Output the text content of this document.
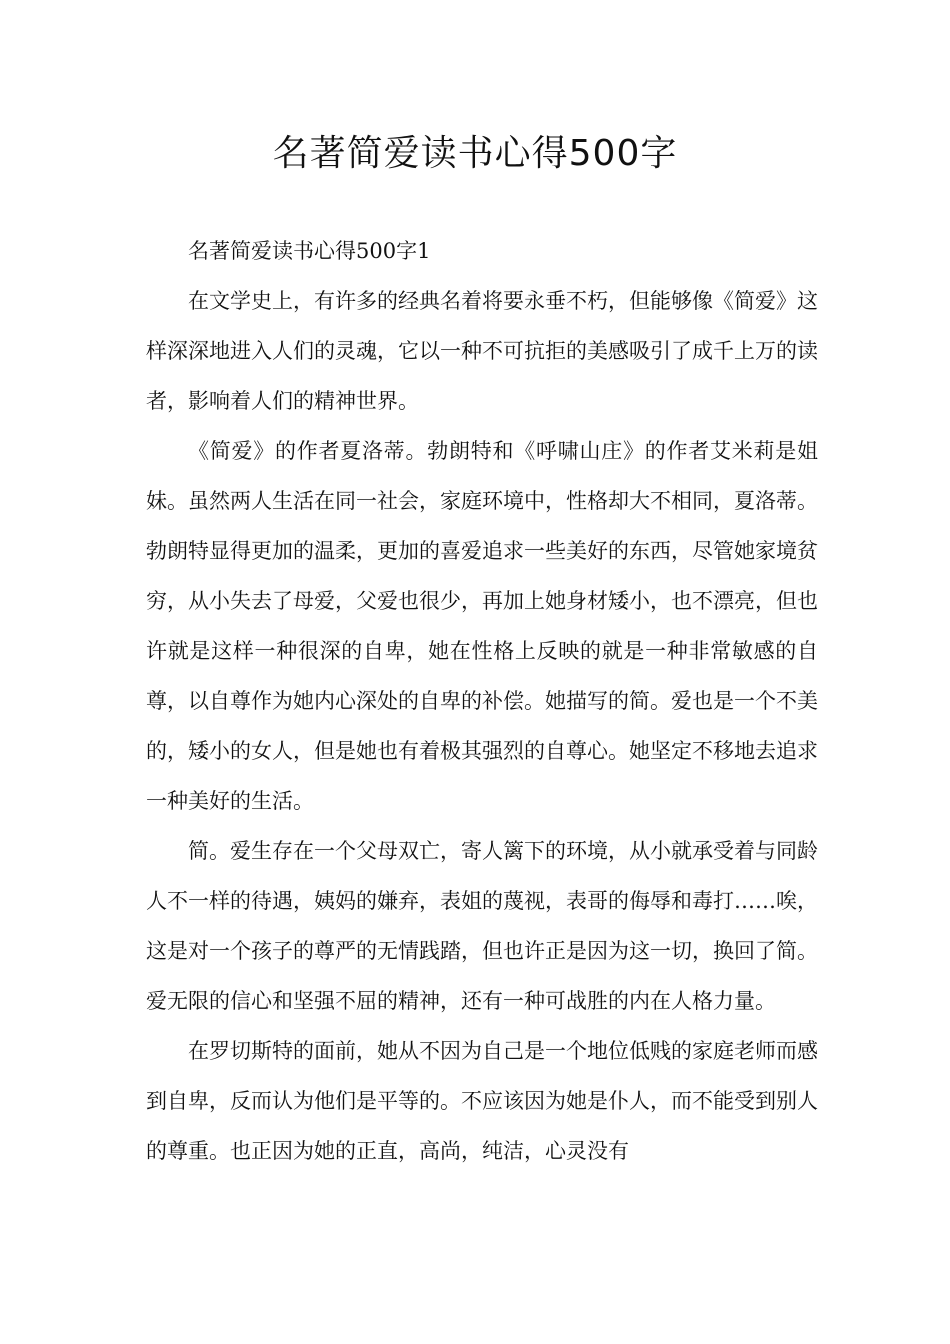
名著简爱读书心得500字

名著简爱读书心得500字1

在文学史上，有许多的经典名着将要永垂不朽，但能够像《简爱》这样深深地进入人们的灵魂，它以一种不可抗拒的美感吸引了成千上万的读者，影响着人们的精神世界。

《简爱》的作者夏洛蒂。勃朗特和《呼啸山庄》的作者艾米莉是姐妹。虽然两人生活在同一社会，家庭环境中，性格却大不相同，夏洛蒂。勃朗特显得更加的温柔，更加的喜爱追求一些美好的东西，尽管她家境贫穷，从小失去了母爱，父爱也很少，再加上她身材矮小，也不漂亮，但也许就是这样一种很深的自卑，她在性格上反映的就是一种非常敏感的自尊，以自尊作为她内心深处的自卑的补偿。她描写的简。爱也是一个不美的，矮小的女人，但是她也有着极其强烈的自尊心。她坚定不移地去追求一种美好的生活。

简。爱生存在一个父母双亡，寄人篱下的环境，从小就承受着与同龄人不一样的待遇，姨妈的嫌弃，表姐的蔑视，表哥的侮辱和毒打……唉，这是对一个孩子的尊严的无情践踏，但也许正是因为这一切，换回了简。爱无限的信心和坚强不屈的精神，还有一种可战胜的内在人格力量。

在罗切斯特的面前，她从不因为自己是一个地位低贱的家庭老师而感到自卑，反而认为他们是平等的。不应该因为她是仆人，而不能受到别人的尊重。也正因为她的正直，高尚，纯洁，心灵没有
